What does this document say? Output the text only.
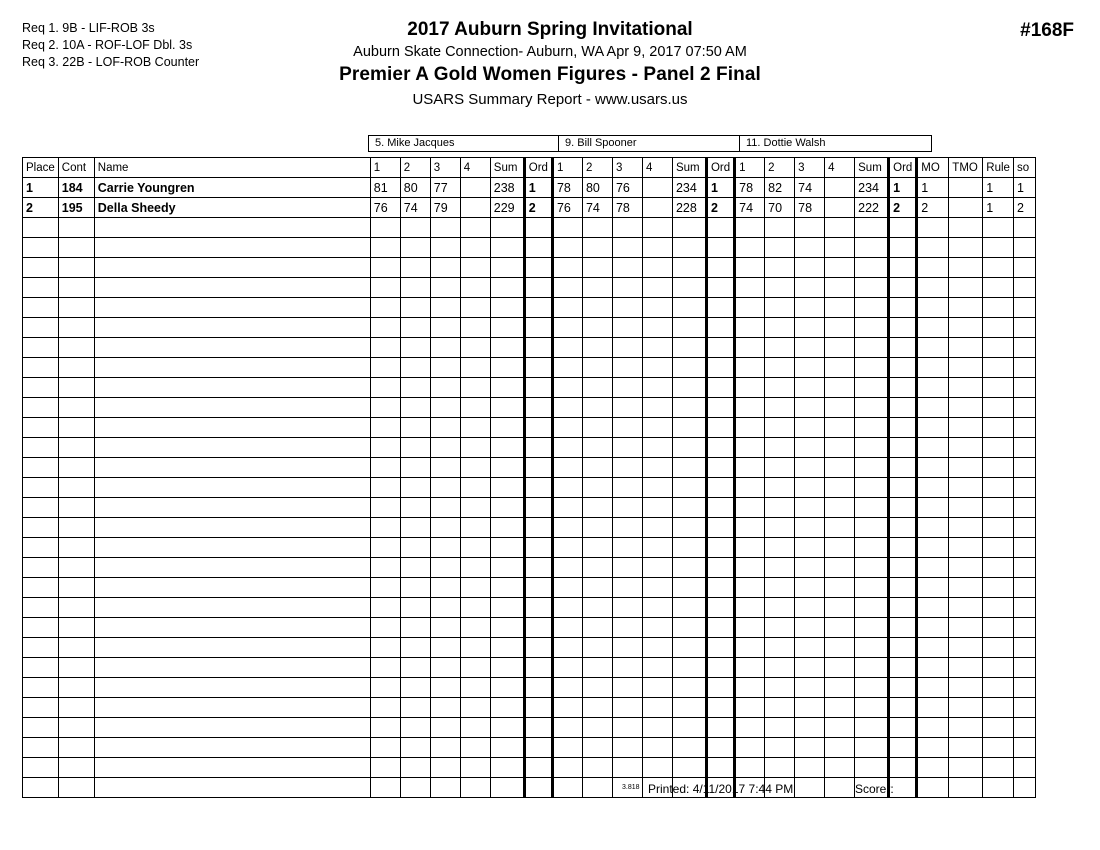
Req 1. 9B - LIF-ROB 3s
Req 2. 10A - ROF-LOF Dbl. 3s
Req 3. 22B - LOF-ROB Counter
2017 Auburn Spring Invitational
Auburn Skate Connection- Auburn, WA Apr 9, 2017 07:50 AM
Premier A Gold Women Figures - Panel 2 Final
USARS Summary Report - www.usars.us
#168F
5. Mike Jacques	9. Bill Spooner	11. Dottie Walsh
Place	Cont	Name	1	2	3	4	Sum	Ord	1	2	3	4	Sum	Ord	1	2	3	4	Sum	Ord	MO	TMO	Rule	so
1	184	Carrie Youngren	81	80	77		238	1	78	80	76		234	1	78	82	74		234	1	1		1	1
2	195	Della Sheedy	76	74	79		229	2	76	74	78		228	2	74	70	78		222	2	2		1	2

3.818 Printed: 4/11/2017 7:44 PM	Scorer:
